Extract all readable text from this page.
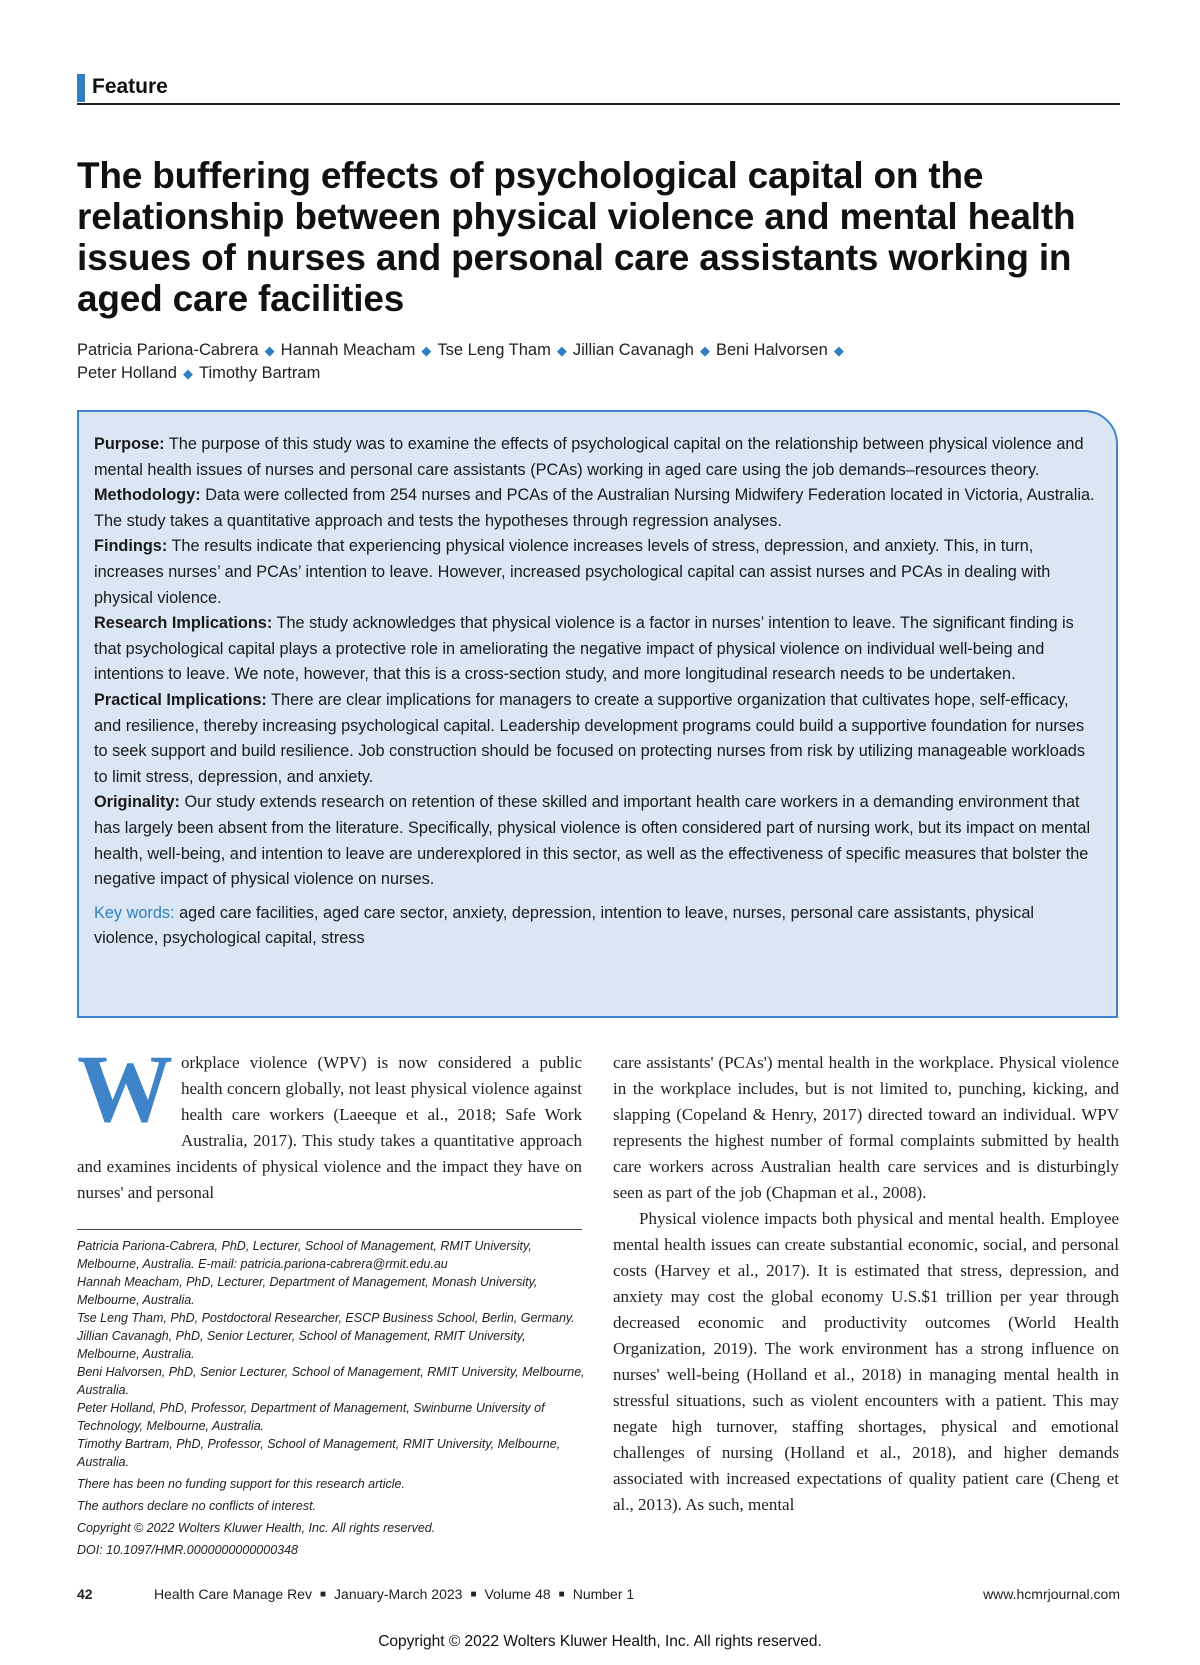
Feature
The buffering effects of psychological capital on the relationship between physical violence and mental health issues of nurses and personal care assistants working in aged care facilities
Patricia Pariona-Cabrera ◆ Hannah Meacham ◆ Tse Leng Tham ◆ Jillian Cavanagh ◆ Beni Halvorsen ◆
Peter Holland ◆ Timothy Bartram

Purpose: The purpose of this study was to examine the effects of psychological capital on the relationship between physical violence and mental health issues of nurses and personal care assistants (PCAs) working in aged care using the job demands–resources theory.

Methodology: Data were collected from 254 nurses and PCAs of the Australian Nursing Midwifery Federation located in Victoria, Australia. The study takes a quantitative approach and tests the hypotheses through regression analyses.

Findings: The results indicate that experiencing physical violence increases levels of stress, depression, and anxiety. This, in turn, increases nurses’ and PCAs’ intention to leave. However, increased psychological capital can assist nurses and PCAs in dealing with physical violence.

Research Implications: The study acknowledges that physical violence is a factor in nurses’ intention to leave. The significant finding is that psychological capital plays a protective role in ameliorating the negative impact of physical violence on individual well-being and intentions to leave. We note, however, that this is a cross-section study, and more longitudinal research needs to be undertaken.

Practical Implications: There are clear implications for managers to create a supportive organization that cultivates hope, self-efficacy, and resilience, thereby increasing psychological capital. Leadership development programs could build a supportive foundation for nurses to seek support and build resilience. Job construction should be focused on protecting nurses from risk by utilizing manageable workloads to limit stress, depression, and anxiety.

Originality: Our study extends research on retention of these skilled and important health care workers in a demanding environment that has largely been absent from the literature. Specifically, physical violence is often considered part of nursing work, but its impact on mental health, well-being, and intention to leave are underexplored in this sector, as well as the effectiveness of specific measures that bolster the negative impact of physical violence on nurses.

Key words: aged care facilities, aged care sector, anxiety, depression, intention to leave, nurses, personal care assistants, physical violence, psychological capital, stress

Workplace violence (WPV) is now considered a public health concern globally, not least physical violence against health care workers (Laeeque et al., 2018; Safe Work Australia, 2017). This study takes a quantitative approach and examines incidents of physical violence and the impact they have on nurses' and personal

Patricia Pariona-Cabrera, PhD, Lecturer, School of Management, RMIT University, Melbourne, Australia. E-mail: patricia.pariona-cabrera@rmit.edu.au

Hannah Meacham, PhD, Lecturer, Department of Management, Monash University, Melbourne, Australia.

Tse Leng Tham, PhD, Postdoctoral Researcher, ESCP Business School, Berlin, Germany.

Jillian Cavanagh, PhD, Senior Lecturer, School of Management, RMIT University, Melbourne, Australia.

Beni Halvorsen, PhD, Senior Lecturer, School of Management, RMIT University, Melbourne, Australia.

Peter Holland, PhD, Professor, Department of Management, Swinburne University of Technology, Melbourne, Australia.

Timothy Bartram, PhD, Professor, School of Management, RMIT University, Melbourne, Australia.

There has been no funding support for this research article.

The authors declare no conflicts of interest.

Copyright © 2022 Wolters Kluwer Health, Inc. All rights reserved.

DOI: 10.1097/HMR.0000000000000348

care assistants' (PCAs') mental health in the workplace. Physical violence in the workplace includes, but is not limited to, punching, kicking, and slapping (Copeland & Henry, 2017) directed toward an individual. WPV represents the highest number of formal complaints submitted by health care workers across Australian health care services and is disturbingly seen as part of the job (Chapman et al., 2008).

Physical violence impacts both physical and mental health. Employee mental health issues can create substantial economic, social, and personal costs (Harvey et al., 2017). It is estimated that stress, depression, and anxiety may cost the global economy U.S.$1 trillion per year through decreased economic and productivity outcomes (World Health Organization, 2019). The work environment has a strong influence on nurses' well-being (Holland et al., 2018) in managing mental health in stressful situations, such as violent encounters with a patient. This may negate high turnover, staffing shortages, physical and emotional challenges of nursing (Holland et al., 2018), and higher demands associated with increased expectations of quality patient care (Cheng et al., 2013). As such, mental

42	Health Care Manage Rev ■ January-March 2023 ■ Volume 48 ■ Number 1	www.hcmrjournal.com
Copyright © 2022 Wolters Kluwer Health, Inc. All rights reserved.
